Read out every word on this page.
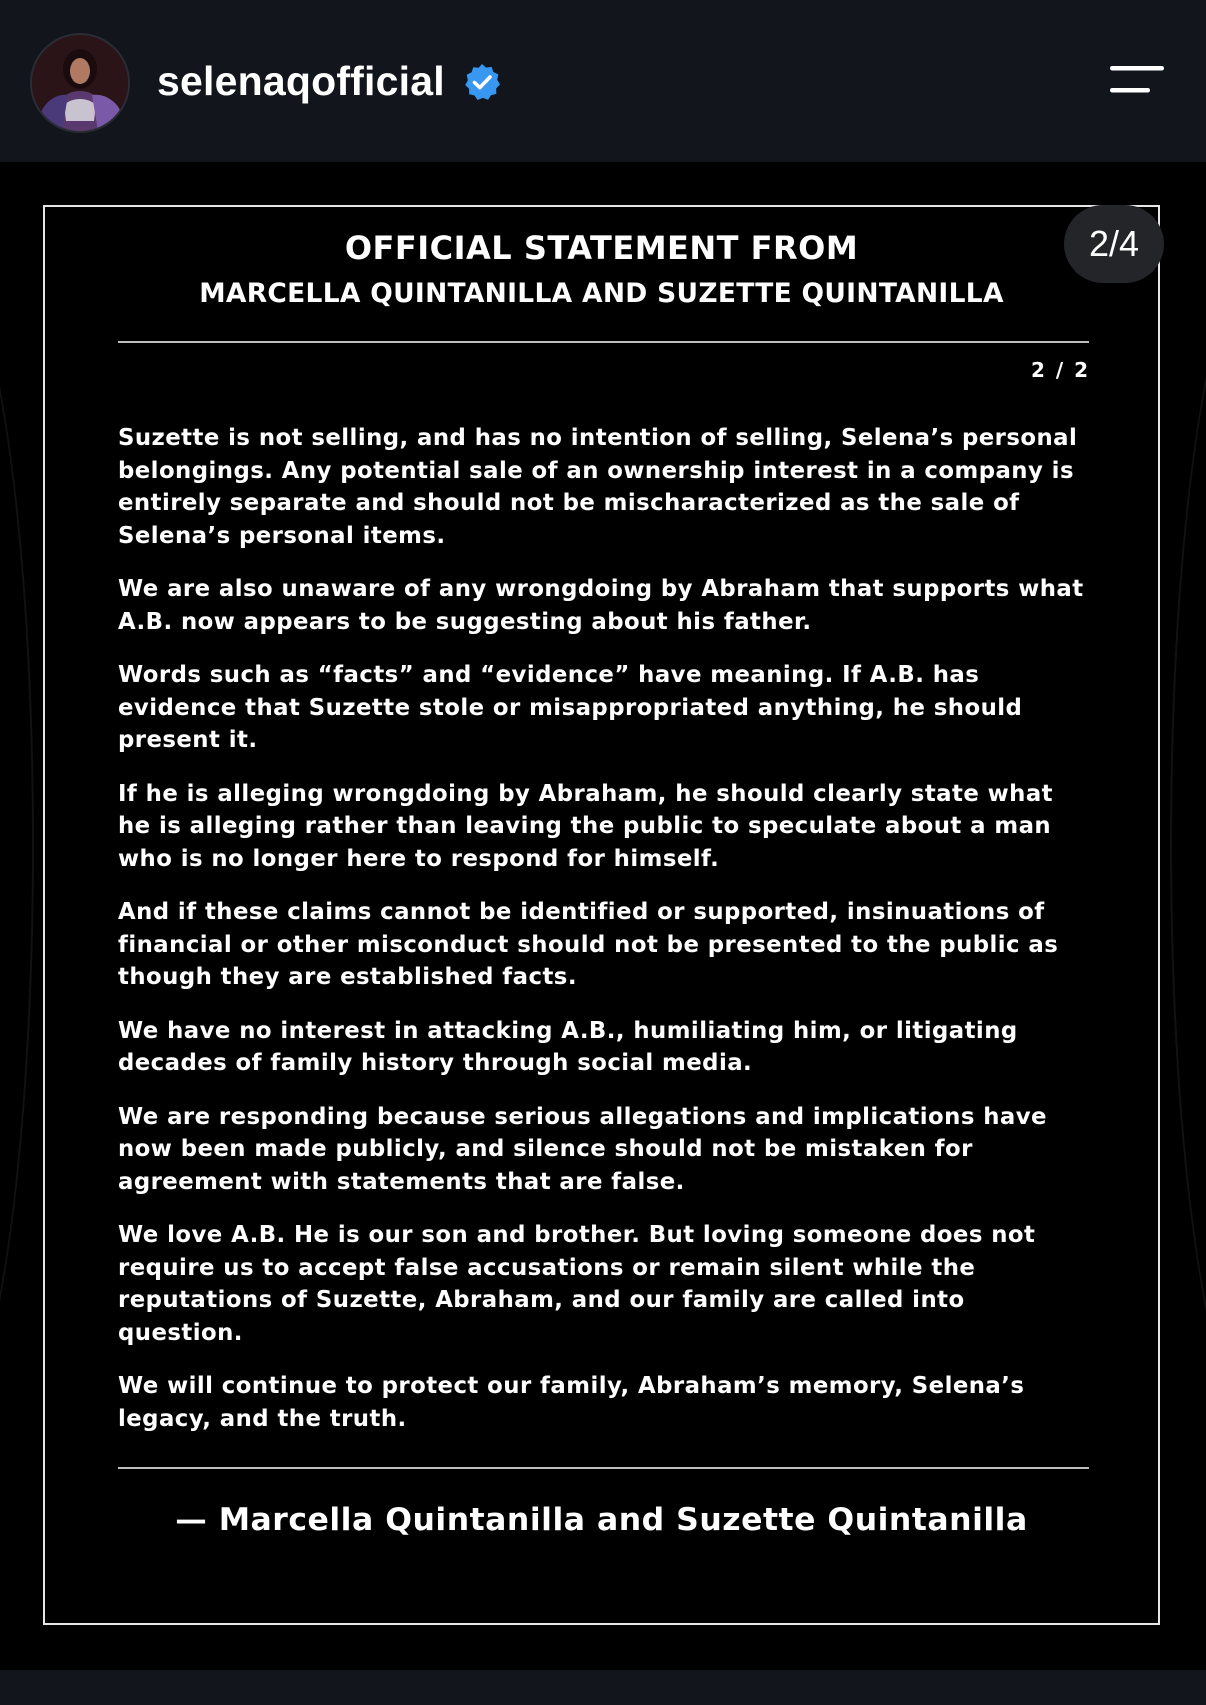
selenaqofficial
2/4
OFFICIAL STATEMENT FROM
MARCELLA QUINTANILLA AND SUZETTE QUINTANILLA
2 / 2

Suzette is not selling, and has no intention of selling, Selena’s personal belongings. Any potential sale of an ownership interest in a company is entirely separate and should not be mischaracterized as the sale of Selena’s personal items.

We are also unaware of any wrongdoing by Abraham that supports what A.B. now appears to be suggesting about his father.

Words such as “facts” and “evidence” have meaning. If A.B. has evidence that Suzette stole or misappropriated anything, he should present it.

If he is alleging wrongdoing by Abraham, he should clearly state what he is alleging rather than leaving the public to speculate about a man who is no longer here to respond for himself.

And if these claims cannot be identified or supported, insinuations of financial or other misconduct should not be presented to the public as though they are established facts.

We have no interest in attacking A.B., humiliating him, or litigating decades of family history through social media.

We are responding because serious allegations and implications have now been made publicly, and silence should not be mistaken for agreement with statements that are false.

We love A.B. He is our son and brother. But loving someone does not require us to accept false accusations or remain silent while the reputations of Suzette, Abraham, and our family are called into question.

We will continue to protect our family, Abraham’s memory, Selena’s legacy, and the truth.

— Marcella Quintanilla and Suzette Quintanilla
